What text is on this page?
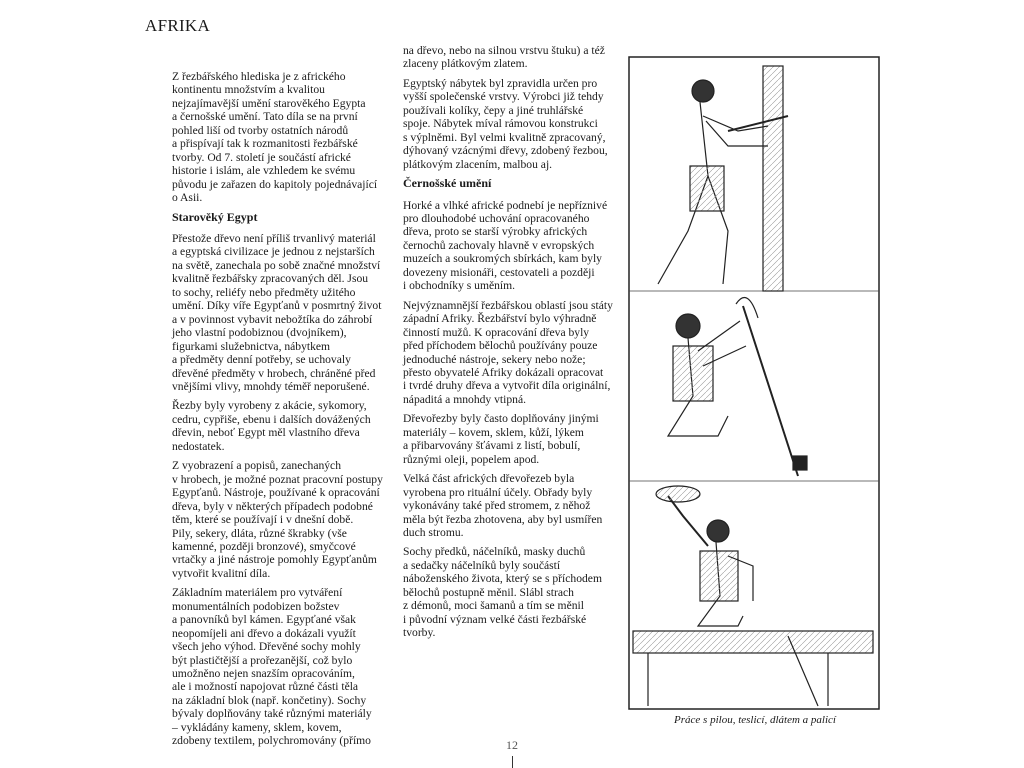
AFRIKA
Z řezbářského hlediska je z afrického
kontinentu množstvím a kvalitou
nejzajímavější umění starověkého Egypta
a černošské umění. Tato díla se na první
pohled liší od tvorby ostatních národů
a přispívají tak k rozmanitosti řezbářské
tvorby. Od 7. století je součástí africké
historie i islám, ale vzhledem ke svému
původu je zařazen do kapitoly pojednávající
o Asii.
Starověký Egypt
Přestože dřevo není příliš trvanlivý materiál
a egyptská civilizace je jednou z nejstarších
na světě, zanechala po sobě značné množství
kvalitně řezbářsky zpracovaných děl. Jsou
to sochy, reliéfy nebo předměty užitého
umění. Díky víře Egypťanů v posmrtný život
a v povinnost vybavit nebožtíka do záhrobí
jeho vlastní podobiznou (dvojníkem),
figurkami služebnictva, nábytkem
a předměty denní potřeby, se uchovaly
dřevěné předměty v hrobech, chráněné před
vnějšími vlivy, mnohdy téměř neporušené.
Řezby byly vyrobeny z akácie, sykomory,
cedru, cypřiše, ebenu i dalších dovážených
dřevin, neboť Egypt měl vlastního dřeva
nedostatek.
Z vyobrazení a popisů, zanechaných
v hrobech, je možné poznat pracovní postupy
Egypťanů. Nástroje, používané k opracování
dřeva, byly v některých případech podobné
těm, které se používají i v dnešní době.
Pily, sekery, dláta, různé škrabky (vše
kamenné, později bronzové), smyčcové
vrtačky a jiné nástroje pomohly Egypťanům
vytvořit kvalitní díla.
Základním materiálem pro vytváření
monumentálních podobizen božstev
a panovníků byl kámen. Egypťané však
neopomíjeli ani dřevo a dokázali využít
všech jeho výhod. Dřevěné sochy mohly
být plastičtější a prořezanější, což bylo
umožněno nejen snazším opracováním,
ale i možností napojovat různé části těla
na základní blok (např. končetiny). Sochy
bývaly doplňovány také různými materiály
– vykládány kameny, sklem, kovem,
zdobeny textilem, polychromovány (přímo
na dřevo, nebo na silnou vrstvu štuku) a též
zlaceny plátkovým zlatem.
Egyptský nábytek byl zpravidla určen pro
vyšší společenské vrstvy. Výrobci již tehdy
používali kolíky, čepy a jiné truhlářské
spoje. Nábytek míval rámovou konstrukci
s výplněmi. Byl velmi kvalitně zpracovaný,
dýhovaný vzácnými dřevy, zdobený řezbou,
plátkovým zlacením, malbou aj.
Černošské umění
Horké a vlhké africké podnebí je nepříznivé
pro dlouhodobé uchování opracovaného
dřeva, proto se starší výrobky afrických
černochů zachovaly hlavně v evropských
muzeích a soukromých sbírkách, kam byly
dovezeny misionáři, cestovateli a později
i obchodníky s uměním.
Nejvýznamnější řezbářskou oblastí jsou státy
západní Afriky. Řezbářství bylo výhradně
činností mužů. K opracování dřeva byly
před příchodem bělochů používány pouze
jednoduché nástroje, sekery nebo nože;
přesto obyvatelé Afriky dokázali opracovat
i tvrdé druhy dřeva a vytvořit díla originální,
nápaditá a mnohdy vtipná.
Dřevořezby byly často doplňovány jinými
materiály – kovem, sklem, kůží, lýkem
a přibarvovány šťávami z listí, bobulí,
různými oleji, popelem apod.
Velká část afrických dřevořezeb byla
vyrobena pro rituální účely. Obřady byly
vykonávány také před stromem, z něhož
měla být řezba zhotovena, aby byl usmířen
duch stromu.
Sochy předků, náčelníků, masky duchů
a sedačky náčelníků byly součástí
náboženského života, který se s příchodem
bělochů postupně měnil. Slábl strach
z démonů, moci šamanů a tím se měnil
i původní význam velké části řezbářské
tvorby.
Práce s pilou, teslicí, dlátem a palicí
12
